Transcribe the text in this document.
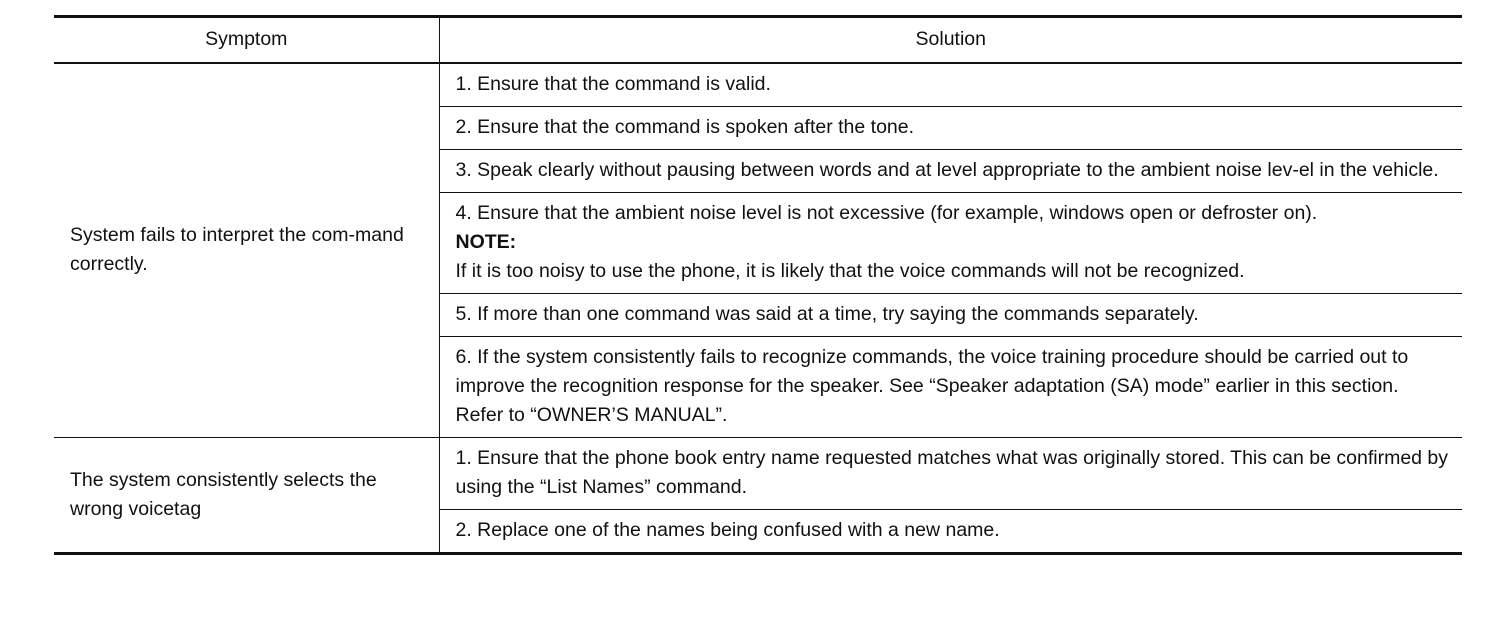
Symptom	Solution
System fails to interpret the com-mand correctly.	1. Ensure that the command is valid.
	2. Ensure that the command is spoken after the tone.
	3. Speak clearly without pausing between words and at level appropriate to the ambient noise lev-el in the vehicle.
	4. Ensure that the ambient noise level is not excessive (for example, windows open or defroster on).
NOTE:
If it is too noisy to use the phone, it is likely that the voice commands will not be recognized.

	5. If more than one command was said at a time, try saying the commands separately.
	6. If the system consistently fails to recognize commands, the voice training procedure should be carried out to improve the recognition response for the speaker. See “Speaker adaptation (SA) mode” earlier in this section. Refer to “OWNER’S MANUAL”.
The system consistently selects the wrong voicetag	1. Ensure that the phone book entry name requested matches what was originally stored. This can be confirmed by using the “List Names” command.
	2. Replace one of the names being confused with a new name.
